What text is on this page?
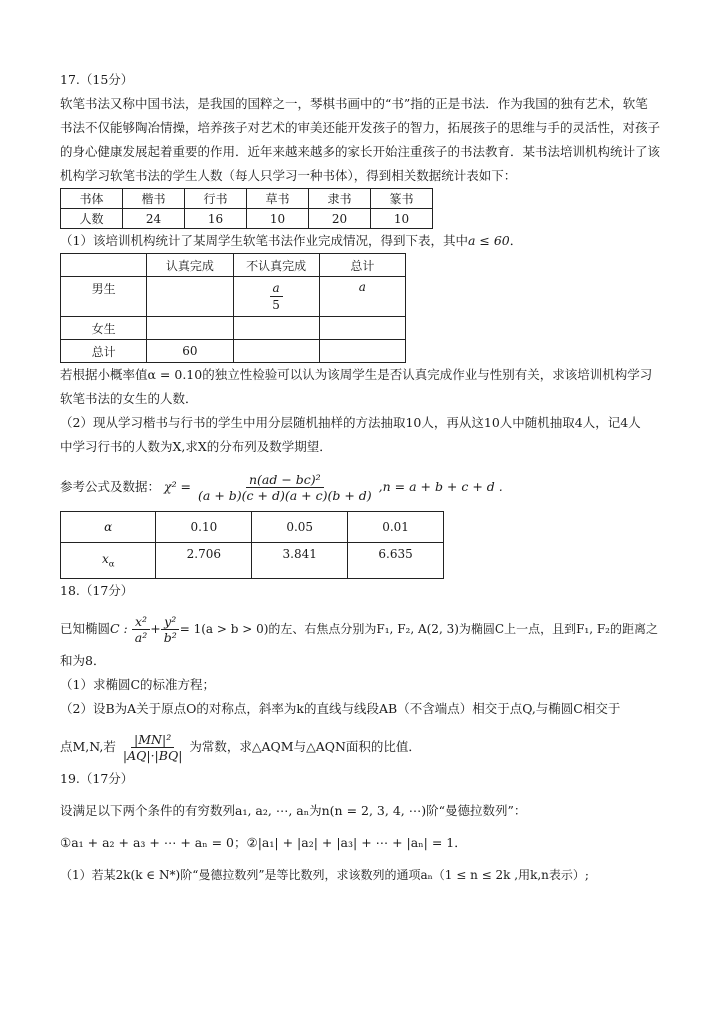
17.（15分）

软笔书法又称中国书法，是我国的国粹之一，琴棋书画中的“书”指的正是书法．作为我国的独有艺术，软笔

书法不仅能够陶冶情操，培养孩子对艺术的审美还能开发孩子的智力，拓展孩子的思维与手的灵活性，对孩子

的身心健康发展起着重要的作用．近年来越来越多的家长开始注重孩子的书法教育．某书法培训机构统计了该

机构学习软笔书法的学生人数（每人只学习一种书体），得到相关数据统计表如下：

书体	楷书	行书	草书	隶书	篆书
人数	24	16	10	20	10

（1）该培训机构统计了某周学生软笔书法作业完成情况，得到下表，其中a ≤ 60．

	认真完成	不认真完成	总计
男生		$\frac{a}{5}$	a
女生			
总计	60		

若根据小概率值α = 0.10的独立性检验可以认为该周学生是否认真完成作业与性别有关，求该培训机构学习

软笔书法的女生的人数．

（2）现从学习楷书与行书的学生中用分层随机抽样的方法抽取10人，再从这10人中随机抽取4人，记4人

中学习行书的人数为X,求X的分布列及数学期望．

参考公式及数据： $\chi^2 = \frac{\text{n(ad − bc)²}}{(a + b)(c + d)(a + c)(b + d)} ,n = a + b + c + d$ .

α	0.10	0.05	0.01
$x_\alpha$	2.706	3.841	6.635

18.（17分）

已知椭圆C : $\frac{\text{x²}}{\text{a²}} + \frac{\text{y²}}{\text{b²}} = 1(a > b > 0)$的左、右焦点分别为F₁, F₂, A(2, 3)为椭圆C上一点，且到F₁, F₂的距离之

和为8．

（1）求椭圆C的标准方程；

（2）设B为A关于原点O的对称点，斜率为k的直线与线段AB（不含端点）相交于点Q,与椭圆C相交于

点M,N,若 $\frac{\text{|MN|²}}{|AQ|\cdot|BQ|}$ 为常数，求△AQM与△AQN面积的比值．

19.（17分）

设满足以下两个条件的有穷数列a₁, a₂, ⋯, aₙ为n(n = 2, 3, 4, ⋯)阶“曼德拉数列”：

①a₁ + a₂ + a₃ + ⋯ + aₙ = 0；②|a₁| + |a₂| + |a₃| + ⋯ + |aₙ| = 1．

（1）若某2k(k ∈ N*)阶“曼德拉数列”是等比数列，求该数列的通项aₙ（1 ≤ n ≤ 2k ,用k,n表示）;
